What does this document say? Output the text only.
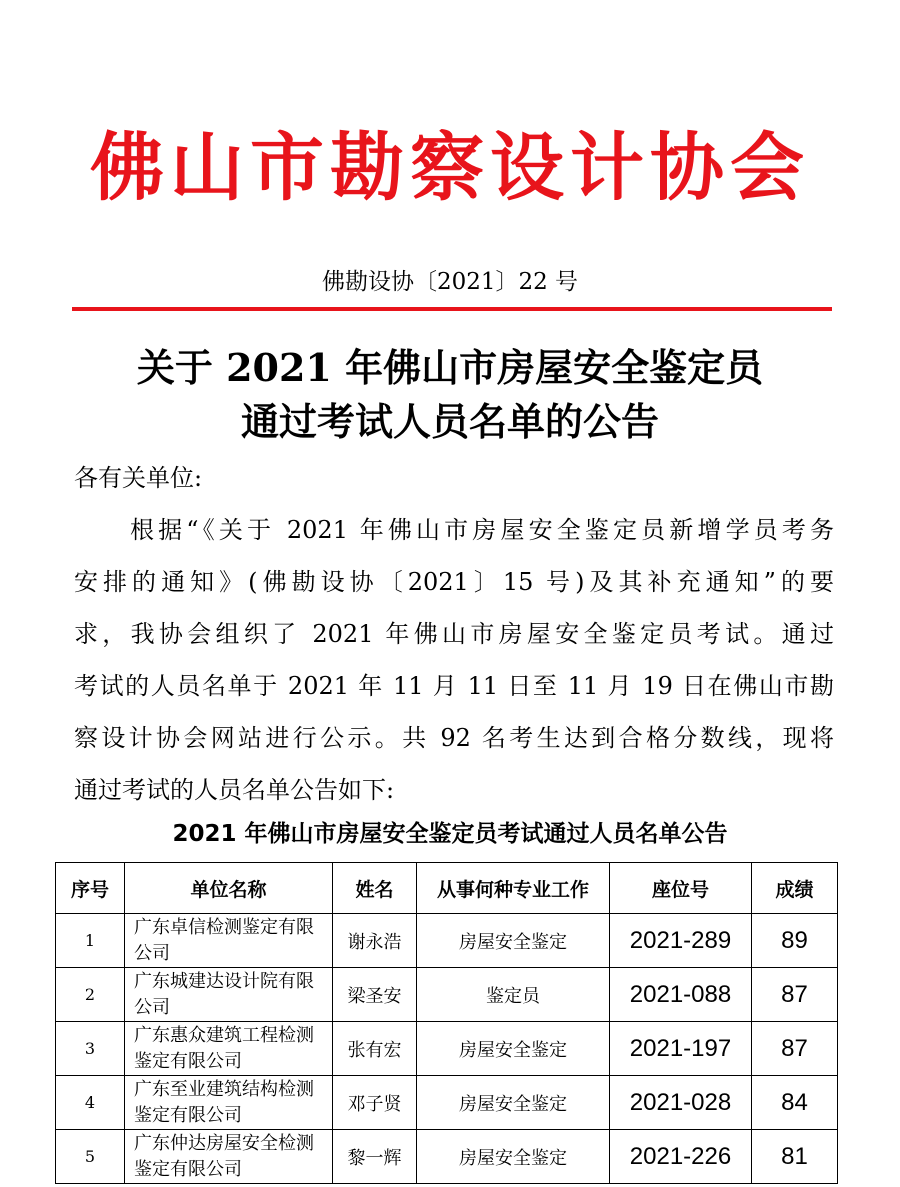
佛山市勘察设计协会
佛勘设协〔2021〕22 号
关于 2021 年佛山市房屋安全鉴定员
通过考试人员名单的公告
各有关单位:
根据“《关于 2021 年佛山市房屋安全鉴定员新增学员考务
安排的通知》(佛勘设协〔2021〕15 号)及其补充通知”的要
求，我协会组织了 2021 年佛山市房屋安全鉴定员考试。通过
考试的人员名单于 2021 年 11 月 11 日至 11 月 19 日在佛山市勘
察设计协会网站进行公示。共 92 名考生达到合格分数线，现将
通过考试的人员名单公告如下:
2021 年佛山市房屋安全鉴定员考试通过人员名单公告
序号	单位名称	姓名	从事何种专业工作	座位号	成绩
1	广东卓信检测鉴定有限公司	谢永浩	房屋安全鉴定	2021-289	89
2	广东城建达设计院有限公司	梁圣安	鉴定员	2021-088	87
3	广东惠众建筑工程检测鉴定有限公司	张有宏	房屋安全鉴定	2021-197	87
4	广东至业建筑结构检测鉴定有限公司	邓子贤	房屋安全鉴定	2021-028	84
5	广东仲达房屋安全检测鉴定有限公司	黎一辉	房屋安全鉴定	2021-226	81
